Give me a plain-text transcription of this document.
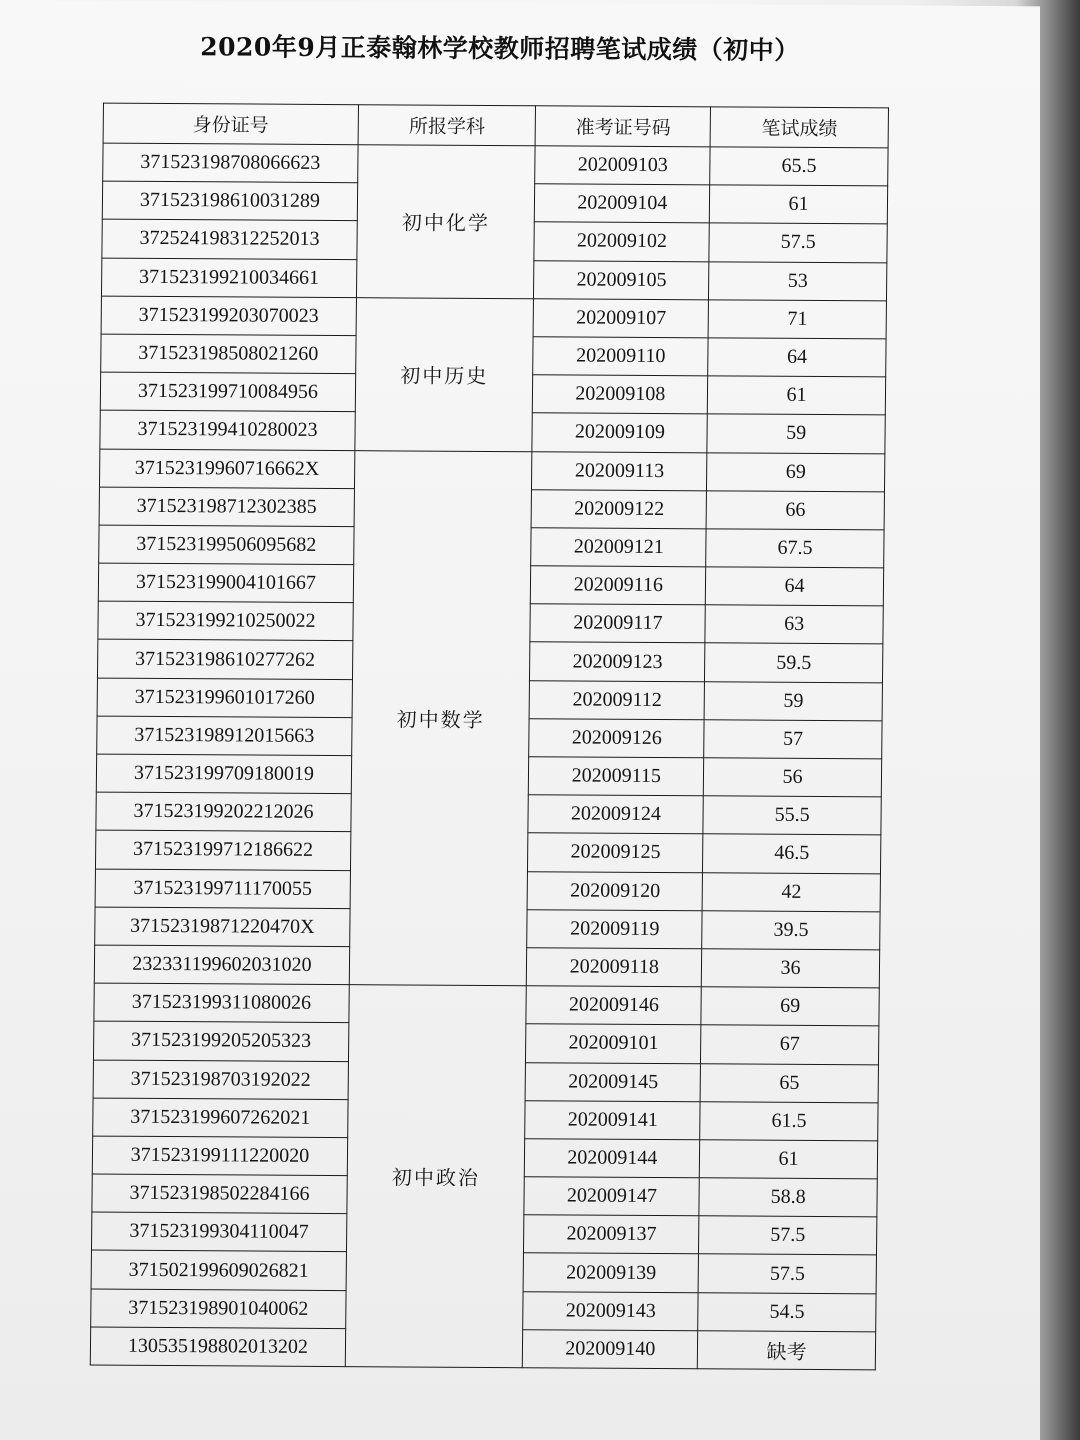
2020年9月正泰翰林学校教师招聘笔试成绩（初中）
身份证号	所报学科	准考证号码	笔试成绩
371523198708066623	初中化学	202009103	65.5
371523198610031289		202009104	61
372524198312252013		202009102	57.5
371523199210034661		202009105	53
371523199203070023	初中历史	202009107	71
371523198508021260		202009110	64
371523199710084956		202009108	61
371523199410280023		202009109	59
37152319960716662X	初中数学	202009113	69
371523198712302385		202009122	66
371523199506095682		202009121	67.5
371523199004101667		202009116	64
371523199210250022		202009117	63
371523198610277262		202009123	59.5
371523199601017260		202009112	59
371523198912015663		202009126	57
371523199709180019		202009115	56
371523199202212026		202009124	55.5
371523199712186622		202009125	46.5
371523199711170055		202009120	42
37152319871220470X		202009119	39.5
232331199602031020		202009118	36
371523199311080026	初中政治	202009146	69
371523199205205323		202009101	67
371523198703192022		202009145	65
371523199607262021		202009141	61.5
371523199111220020		202009144	61
371523198502284166		202009147	58.8
371523199304110047		202009137	57.5
371502199609026821		202009139	57.5
371523198901040062		202009143	54.5
130535198802013202		202009140	缺考
